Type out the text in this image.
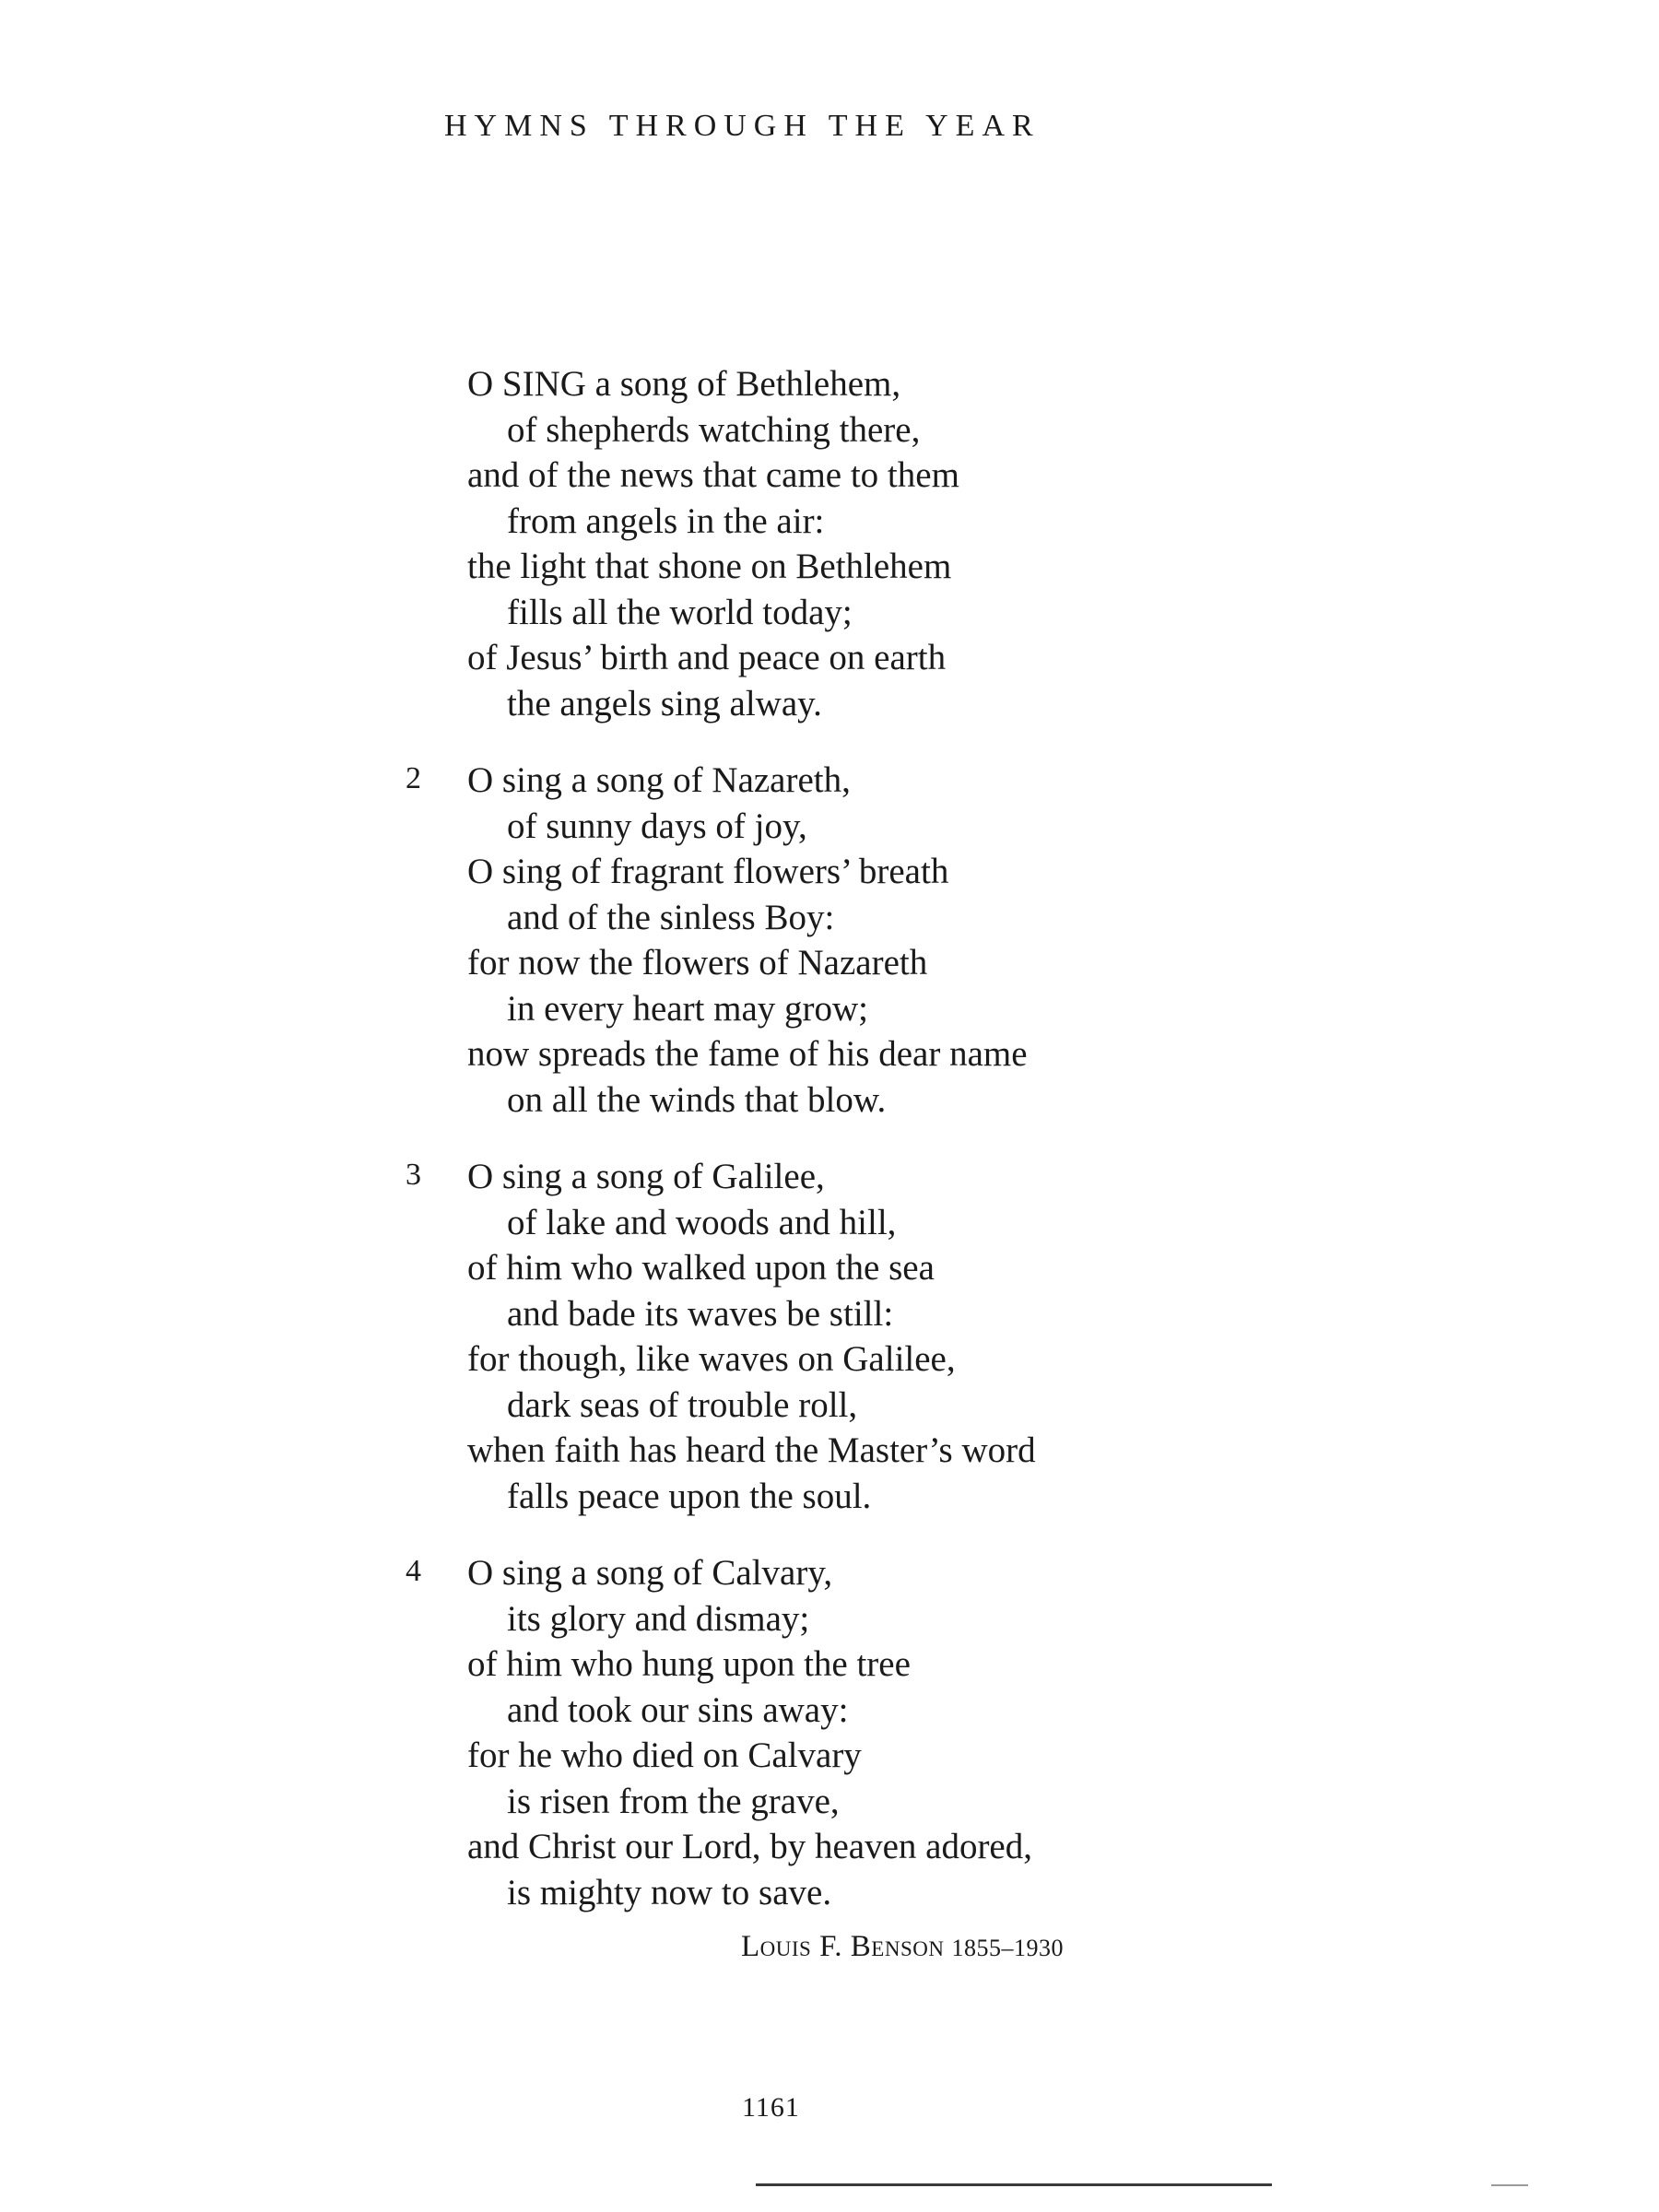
HYMNS THROUGH THE YEAR
O SING a song of Bethlehem,
of shepherds watching there,
and of the news that came to them
from angels in the air:
the light that shone on Bethlehem
fills all the world today;
of Jesus’ birth and peace on earth
the angels sing alway.
2	O sing a song of Nazareth,
of sunny days of joy,
O sing of fragrant flowers’ breath
and of the sinless Boy:
for now the flowers of Nazareth
in every heart may grow;
now spreads the fame of his dear name
on all the winds that blow.
3	O sing a song of Galilee,
of lake and woods and hill,
of him who walked upon the sea
and bade its waves be still:
for though, like waves on Galilee,
dark seas of trouble roll,
when faith has heard the Master’s word
falls peace upon the soul.
4	O sing a song of Calvary,
its glory and dismay;
of him who hung upon the tree
and took our sins away:
for he who died on Calvary
is risen from the grave,
and Christ our Lord, by heaven adored,
is mighty now to save.
Louis F. Benson 1855–1930
1161
